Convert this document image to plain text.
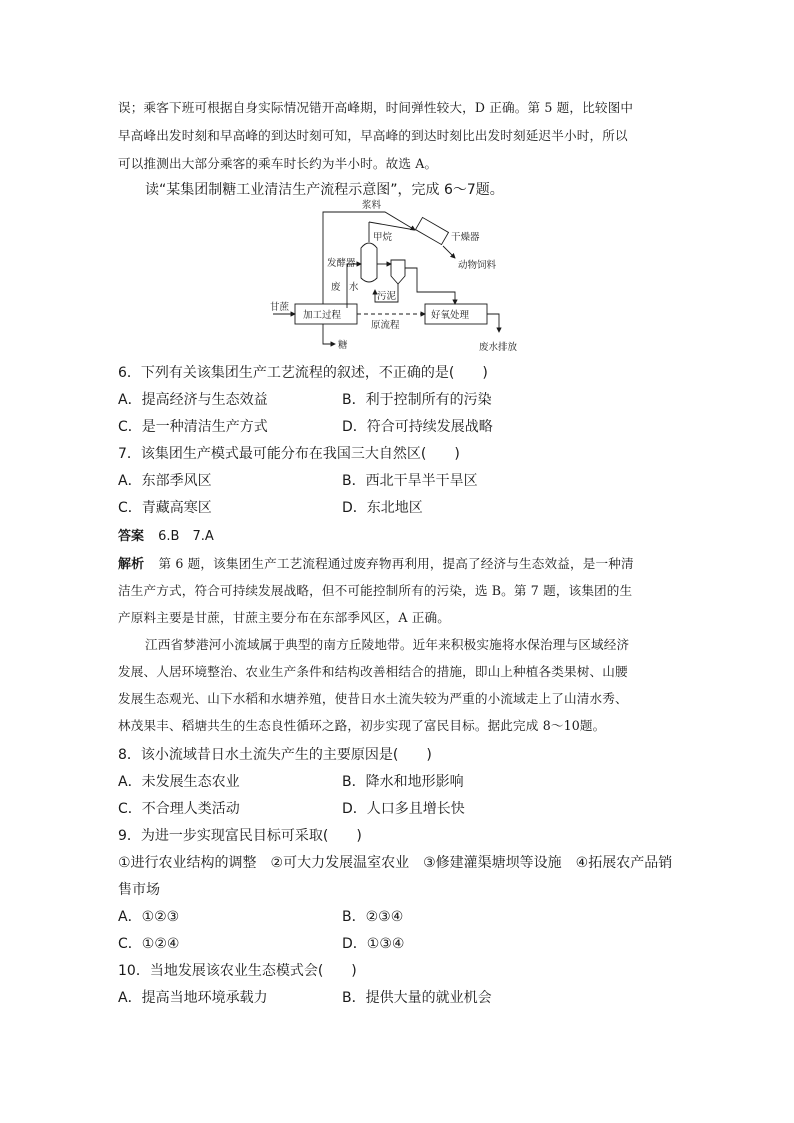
误；乘客下班可根据自身实际情况错开高峰期，时间弹性较大，D 正确。第 5 题，比较图中
早高峰出发时刻和早高峰的到达时刻可知，早高峰的到达时刻比出发时刻延迟半小时，所以
可以推测出大部分乘客的乘车时长约为半小时。故选 A。
读“某集团制糖工业清洁生产流程示意图”，完成 6～7题。
浆料
甲烷	干燥器
动物饲料
发酵器
废 水
污泥
甘蔗
加工过程
原流程
好氧处理
糖	废水排放
6．下列有关该集团生产工艺流程的叙述，不正确的是(　　)
A．提高经济与生态效益	B．利于控制所有的污染
C．是一种清洁生产方式	D．符合可持续发展战略
7．该集团生产模式最可能分布在我国三大自然区(　　)
A．东部季风区	B．西北干旱半干旱区
C．青藏高寒区	D．东北地区
答案 6.B　7.A
解析 第 6 题，该集团生产工艺流程通过废弃物再利用，提高了经济与生态效益，是一种清
洁生产方式，符合可持续发展战略，但不可能控制所有的污染，选 B。第 7 题，该集团的生
产原料主要是甘蔗，甘蔗主要分布在东部季风区，A 正确。
江西省梦港河小流域属于典型的南方丘陵地带。近年来积极实施将水保治理与区域经济
发展、人居环境整治、农业生产条件和结构改善相结合的措施，即山上种植各类果树、山腰
发展生态观光、山下水稻和水塘养殖，使昔日水土流失较为严重的小流域走上了山清水秀、
林茂果丰、稻塘共生的生态良性循环之路，初步实现了富民目标。据此完成 8～10题。
8．该小流域昔日水土流失产生的主要原因是(　　)
A．未发展生态农业	B．降水和地形影响
C．不合理人类活动	D．人口多且增长快
9．为进一步实现富民目标可采取(　　)
①进行农业结构的调整　②可大力发展温室农业　③修建灌渠塘坝等设施　④拓展农产品销
售市场
A．①②③	B．②③④
C．①②④	D．①③④
10．当地发展该农业生态模式会(　　)
A．提高当地环境承载力	B．提供大量的就业机会
